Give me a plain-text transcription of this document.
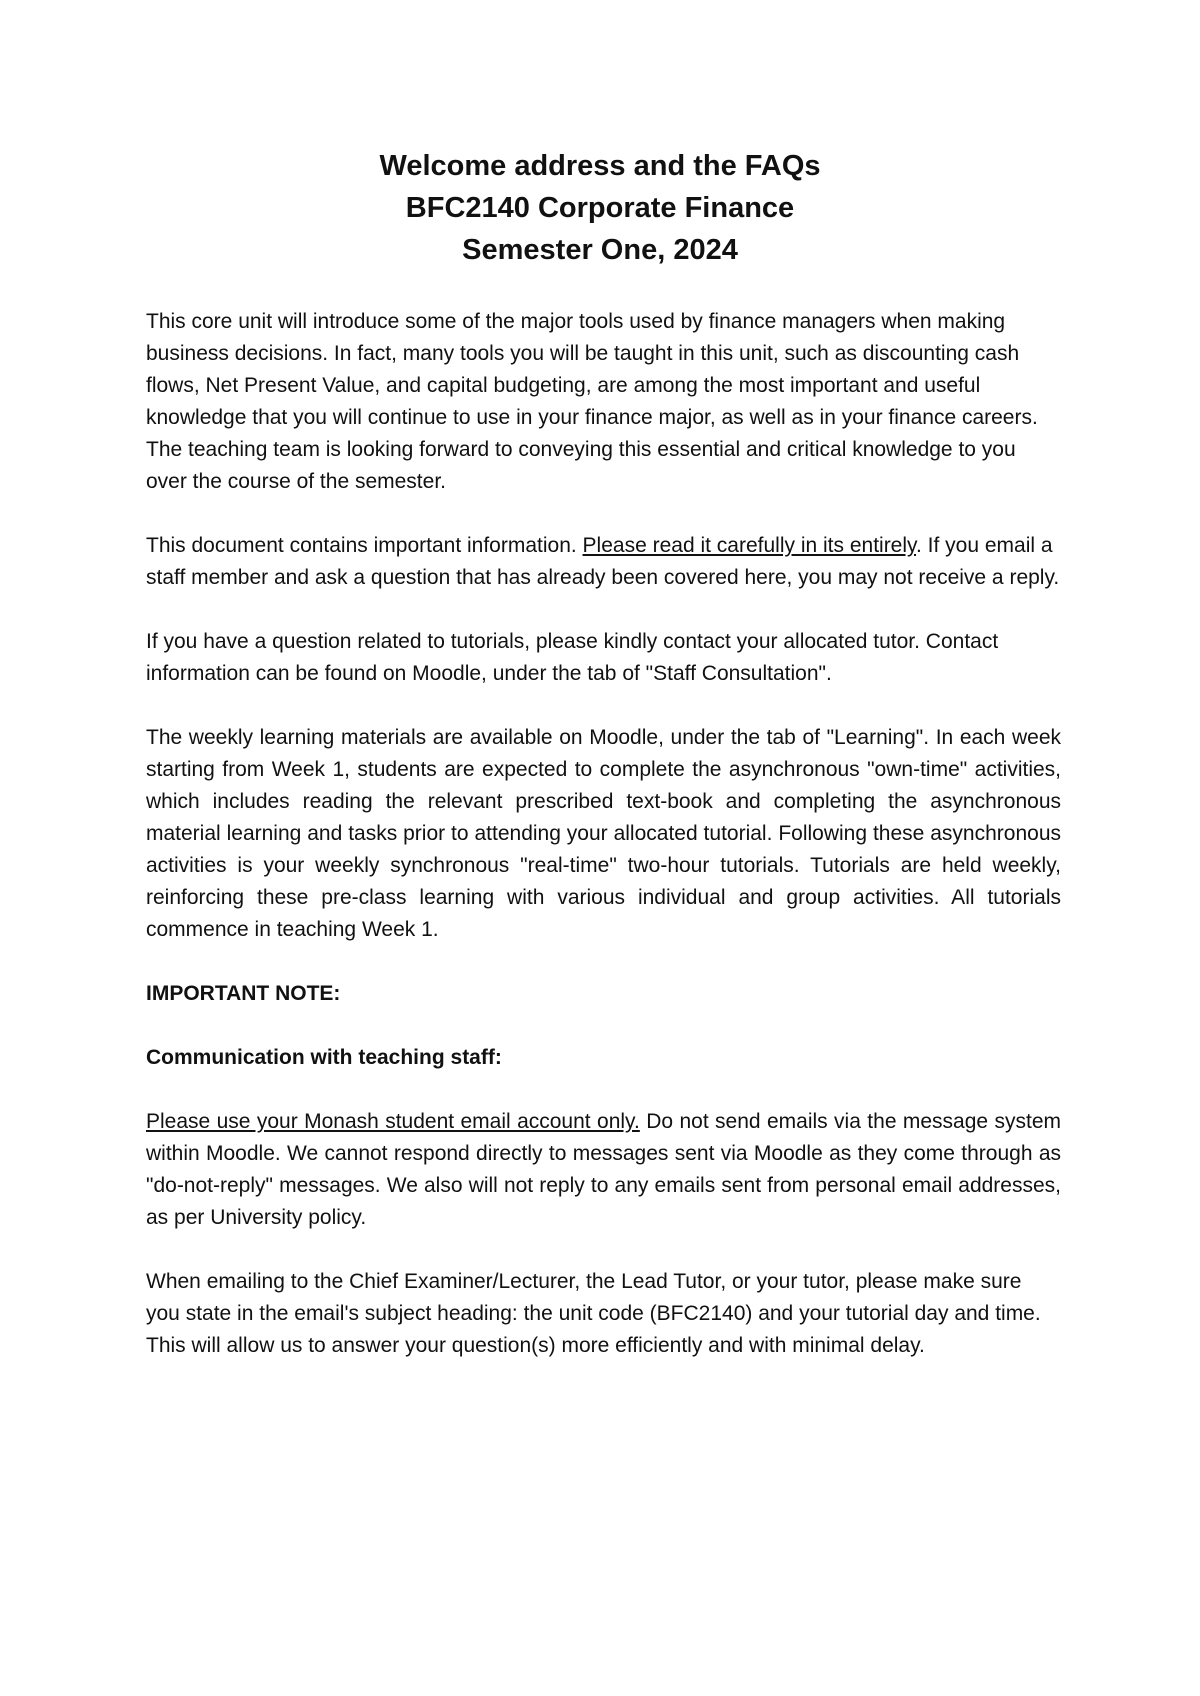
Welcome address and the FAQs

BFC2140 Corporate Finance

Semester One, 2024

This core unit will introduce some of the major tools used by finance managers when making business decisions. In fact, many tools you will be taught in this unit, such as discounting cash flows, Net Present Value, and capital budgeting, are among the most important and useful knowledge that you will continue to use in your finance major, as well as in your finance careers. The teaching team is looking forward to conveying this essential and critical knowledge to you over the course of the semester.

This document contains important information. Please read it carefully in its entirely. If you email a staff member and ask a question that has already been covered here, you may not receive a reply.

If you have a question related to tutorials, please kindly contact your allocated tutor. Contact information can be found on Moodle, under the tab of "Staff Consultation".

The weekly learning materials are available on Moodle, under the tab of "Learning". In each week starting from Week 1, students are expected to complete the asynchronous "own-time" activities, which includes reading the relevant prescribed text-book and completing the asynchronous material learning and tasks prior to attending your allocated tutorial. Following these asynchronous activities is your weekly synchronous "real-time" two-hour tutorials. Tutorials are held weekly, reinforcing these pre-class learning with various individual and group activities. All tutorials commence in teaching Week 1.

IMPORTANT NOTE:

Communication with teaching staff:

Please use your Monash student email account only. Do not send emails via the message system within Moodle. We cannot respond directly to messages sent via Moodle as they come through as "do-not-reply" messages. We also will not reply to any emails sent from personal email addresses, as per University policy.

When emailing to the Chief Examiner/Lecturer, the Lead Tutor, or your tutor, please make sure you state in the email's subject heading: the unit code (BFC2140) and your tutorial day and time. This will allow us to answer your question(s) more efficiently and with minimal delay.
